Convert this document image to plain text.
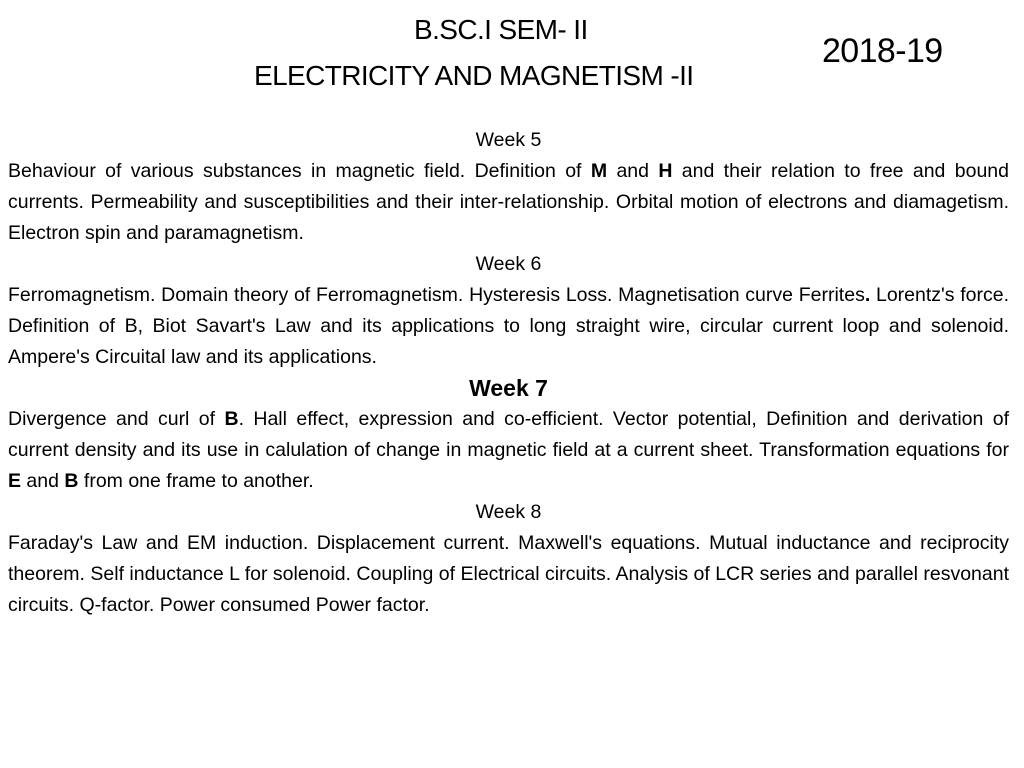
B.SC.I SEM- II
ELECTRICITY AND MAGNETISM -II
2018-19
Week 5
Behaviour of various substances in magnetic field. Definition of M and H and their relation to free and bound currents. Permeability and susceptibilities and their inter-relationship. Orbital motion of electrons and diamagetism. Electron spin and paramagnetism.
Week 6
Ferromagnetism. Domain theory of Ferromagnetism. Hysteresis Loss. Magnetisation curve Ferrites. Lorentz's force. Definition of B, Biot Savart's Law and its applications to long straight wire, circular current loop and solenoid. Ampere's Circuital law and its applications.
Week 7
Divergence and curl of B. Hall effect, expression and co-efficient. Vector potential, Definition and derivation of current density and its use in calulation of change in magnetic field at a current sheet. Transformation equations for E and B from one frame to another.
Week 8
Faraday's Law and EM induction. Displacement current. Maxwell's equations. Mutual inductance and reciprocity theorem. Self inductance L for solenoid. Coupling of Electrical circuits. Analysis of LCR series and parallel resvonant circuits. Q-factor. Power consumed Power factor.
